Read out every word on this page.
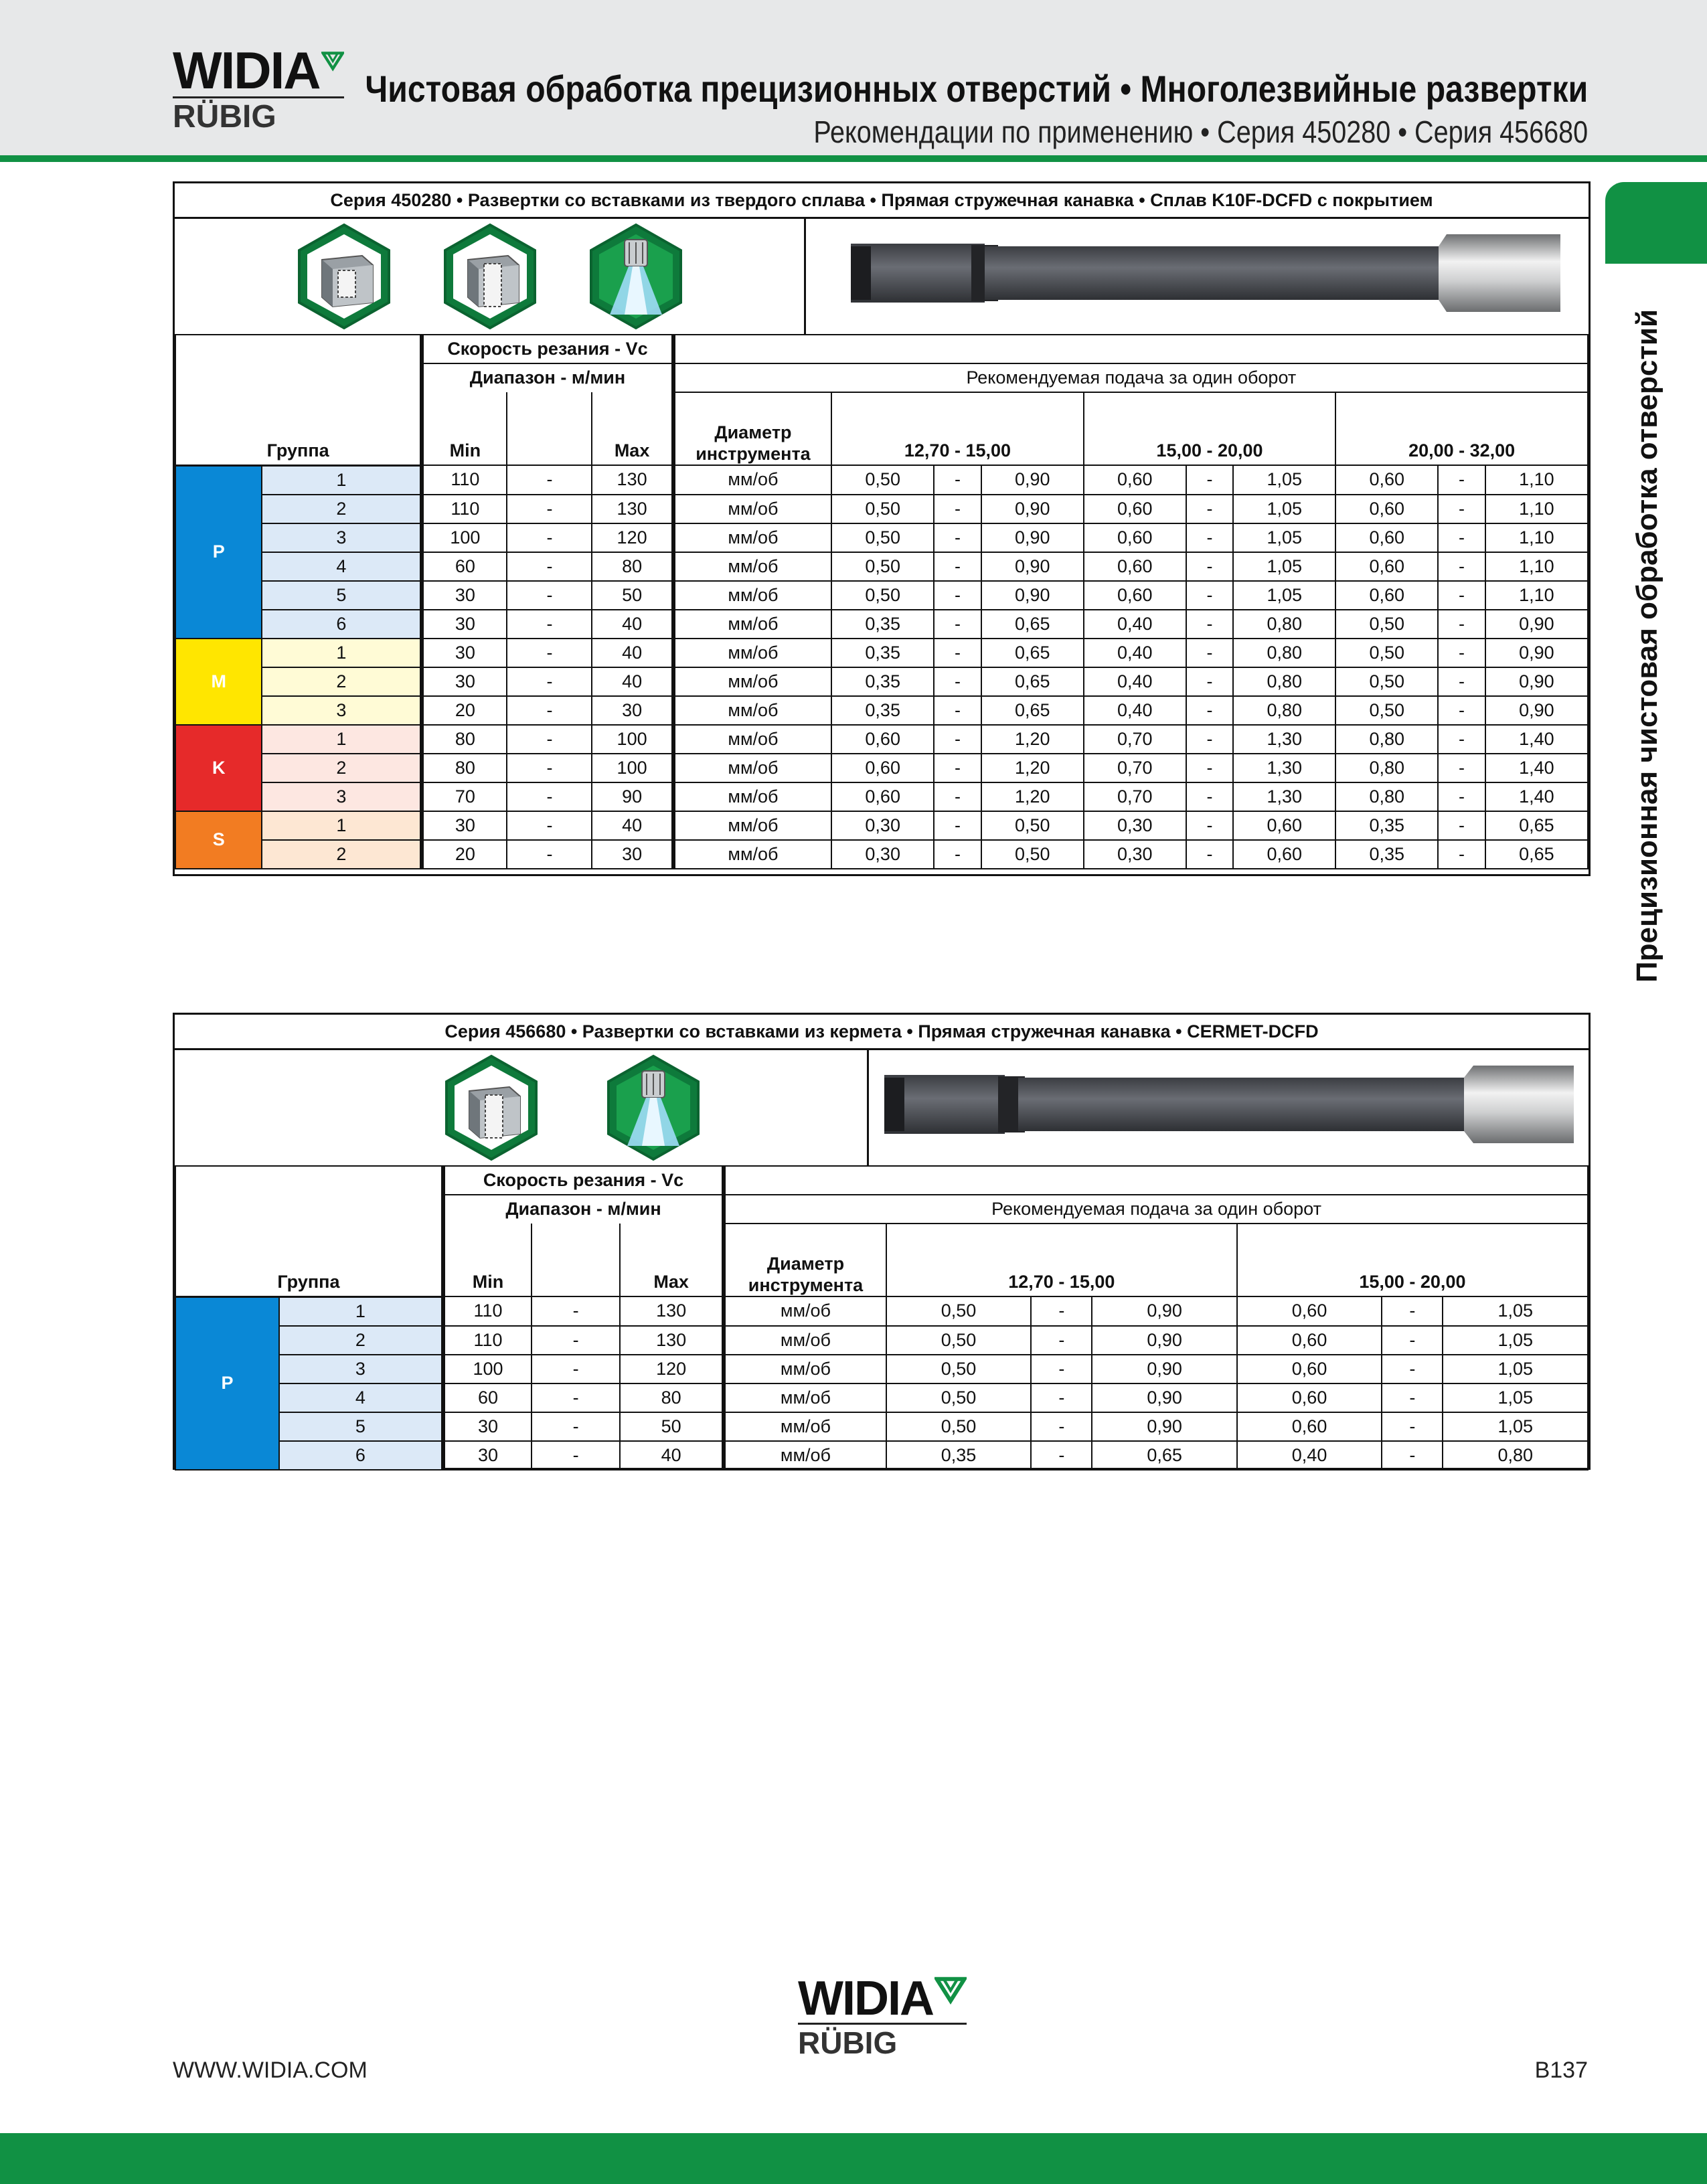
WIDIA
RÜBIG
Чистовая обработка прецизионных отверстий • Многолезвийные развертки
Рекомендации по применению • Серия 450280 • Серия 456680
Прецизионная чистовая обработка отверстий
Серия 450280 • Развертки со вставками из твердого сплава • Прямая стружечная канавка • Сплав K10F-DCFD с покрытием
Группа		Скорость резания - Vc												
		Диапазон - м/мин			Рекомендуемая подача за один оборот									
		Min		Max	Диаметр инструмента	12,70 - 15,00			15,00 - 20,00			20,00 - 32,00		
P	1	110	-	130	мм/об	0,50	-	0,90	0,60	-	1,05	0,60	-	1,10
	2	110	-	130	мм/об	0,50	-	0,90	0,60	-	1,05	0,60	-	1,10
	3	100	-	120	мм/об	0,50	-	0,90	0,60	-	1,05	0,60	-	1,10
	4	60	-	80	мм/об	0,50	-	0,90	0,60	-	1,05	0,60	-	1,10
	5	30	-	50	мм/об	0,50	-	0,90	0,60	-	1,05	0,60	-	1,10
	6	30	-	40	мм/об	0,35	-	0,65	0,40	-	0,80	0,50	-	0,90
M	1	30	-	40	мм/об	0,35	-	0,65	0,40	-	0,80	0,50	-	0,90
	2	30	-	40	мм/об	0,35	-	0,65	0,40	-	0,80	0,50	-	0,90
	3	20	-	30	мм/об	0,35	-	0,65	0,40	-	0,80	0,50	-	0,90
K	1	80	-	100	мм/об	0,60	-	1,20	0,70	-	1,30	0,80	-	1,40
	2	80	-	100	мм/об	0,60	-	1,20	0,70	-	1,30	0,80	-	1,40
	3	70	-	90	мм/об	0,60	-	1,20	0,70	-	1,30	0,80	-	1,40
S	1	30	-	40	мм/об	0,30	-	0,50	0,30	-	0,60	0,35	-	0,65
	2	20	-	30	мм/об	0,30	-	0,50	0,30	-	0,60	0,35	-	0,65
Серия 456680 • Развертки со вставками из кермета • Прямая стружечная канавка • CERMET-DCFD
Группа		Скорость резания - Vc									
		Диапазон - м/мин			Рекомендуемая подача за один оборот						
		Min		Max	Диаметр инструмента	12,70 - 15,00			15,00 - 20,00		
P	1	110	-	130	мм/об	0,50	-	0,90	0,60	-	1,05
	2	110	-	130	мм/об	0,50	-	0,90	0,60	-	1,05
	3	100	-	120	мм/об	0,50	-	0,90	0,60	-	1,05
	4	60	-	80	мм/об	0,50	-	0,90	0,60	-	1,05
	5	30	-	50	мм/об	0,50	-	0,90	0,60	-	1,05
	6	30	-	40	мм/об	0,35	-	0,65	0,40	-	0,80
WWW.WIDIA.COM
WIDIA
RÜBIG
B137
